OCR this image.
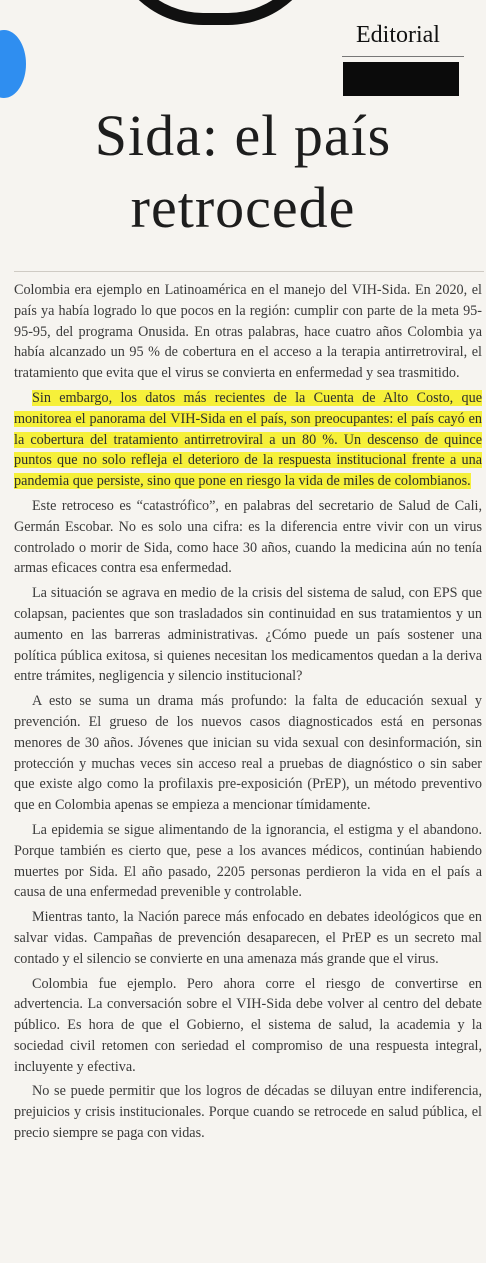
Editorial
Sida: el país
retrocede

Colombia era ejemplo en Latinoamérica en el manejo del VIH-Sida. En 2020, el país ya había logrado lo que pocos en la región: cumplir con parte de la meta 95-95-95, del programa Onusida. En otras palabras, hace cuatro años Colombia ya había alcanzado un 95 % de cobertura en el acceso a la terapia antirretroviral, el tratamiento que evita que el virus se convierta en enfermedad y sea trasmitido.

Sin embargo, los datos más recientes de la Cuenta de Alto Costo, que monitorea el panorama del VIH-Sida en el país, son preocupantes: el país cayó en la cobertura del tratamiento antirretroviral a un 80 %. Un descenso de quince puntos que no solo refleja el deterioro de la respuesta institucional frente a una pandemia que persiste, sino que pone en riesgo la vida de miles de colombianos.

Este retroceso es “catastrófico”, en palabras del secretario de Salud de Cali, Germán Escobar. No es solo una cifra: es la diferencia entre vivir con un virus controlado o morir de Sida, como hace 30 años, cuando la medicina aún no tenía armas eficaces contra esa enfermedad.

La situación se agrava en medio de la crisis del sistema de salud, con EPS que colapsan, pacientes que son trasladados sin continuidad en sus tratamientos y un aumento en las barreras administrativas. ¿Cómo puede un país sostener una política pública exitosa, si quienes necesitan los medicamentos quedan a la deriva entre trámites, negligencia y silencio institucional?

A esto se suma un drama más profundo: la falta de educación sexual y prevención. El grueso de los nuevos casos diagnosticados está en personas menores de 30 años. Jóvenes que inician su vida sexual con desinformación, sin protección y muchas veces sin acceso real a pruebas de diagnóstico o sin saber que existe algo como la profilaxis pre-exposición (PrEP), un método preventivo que en Colombia apenas se empieza a mencionar tímidamente.

La epidemia se sigue alimentando de la ignorancia, el estigma y el abandono. Porque también es cierto que, pese a los avances médicos, continúan habiendo muertes por Sida. El año pasado, 2205 personas perdieron la vida en el país a causa de una enfermedad prevenible y controlable.

Mientras tanto, la Nación parece más enfocado en debates ideológicos que en salvar vidas. Campañas de prevención desaparecen, el PrEP es un secreto mal contado y el silencio se convierte en una amenaza más grande que el virus.

Colombia fue ejemplo. Pero ahora corre el riesgo de convertirse en advertencia. La conversación sobre el VIH-Sida debe volver al centro del debate público. Es hora de que el Gobierno, el sistema de salud, la academia y la sociedad civil retomen con seriedad el compromiso de una respuesta integral, incluyente y efectiva.

No se puede permitir que los logros de décadas se diluyan entre indiferencia, prejuicios y crisis institucionales. Porque cuando se retrocede en salud pública, el precio siempre se paga con vidas.
